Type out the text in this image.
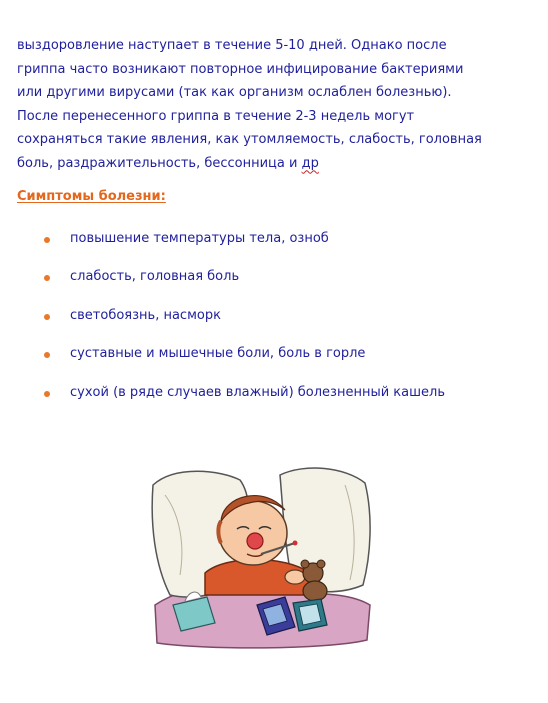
выздоровление наступает в течение 5-10 дней. Однако после
гриппа часто возникают повторное инфицирование бактериями
или другими вирусами (так как организм ослаблен болезнью).
После перенесенного гриппа в течение 2-3 недель могут
сохраняться такие явления, как утомляемость, слабость, головная
боль, раздражительность, бессонница и др
Симптомы болезни:
повышение температуры тела, озноб
слабость, головная боль
светобоязнь, насморк
суставные и мышечные боли, боль в горле
сухой (в ряде случаев влажный) болезненный кашель
